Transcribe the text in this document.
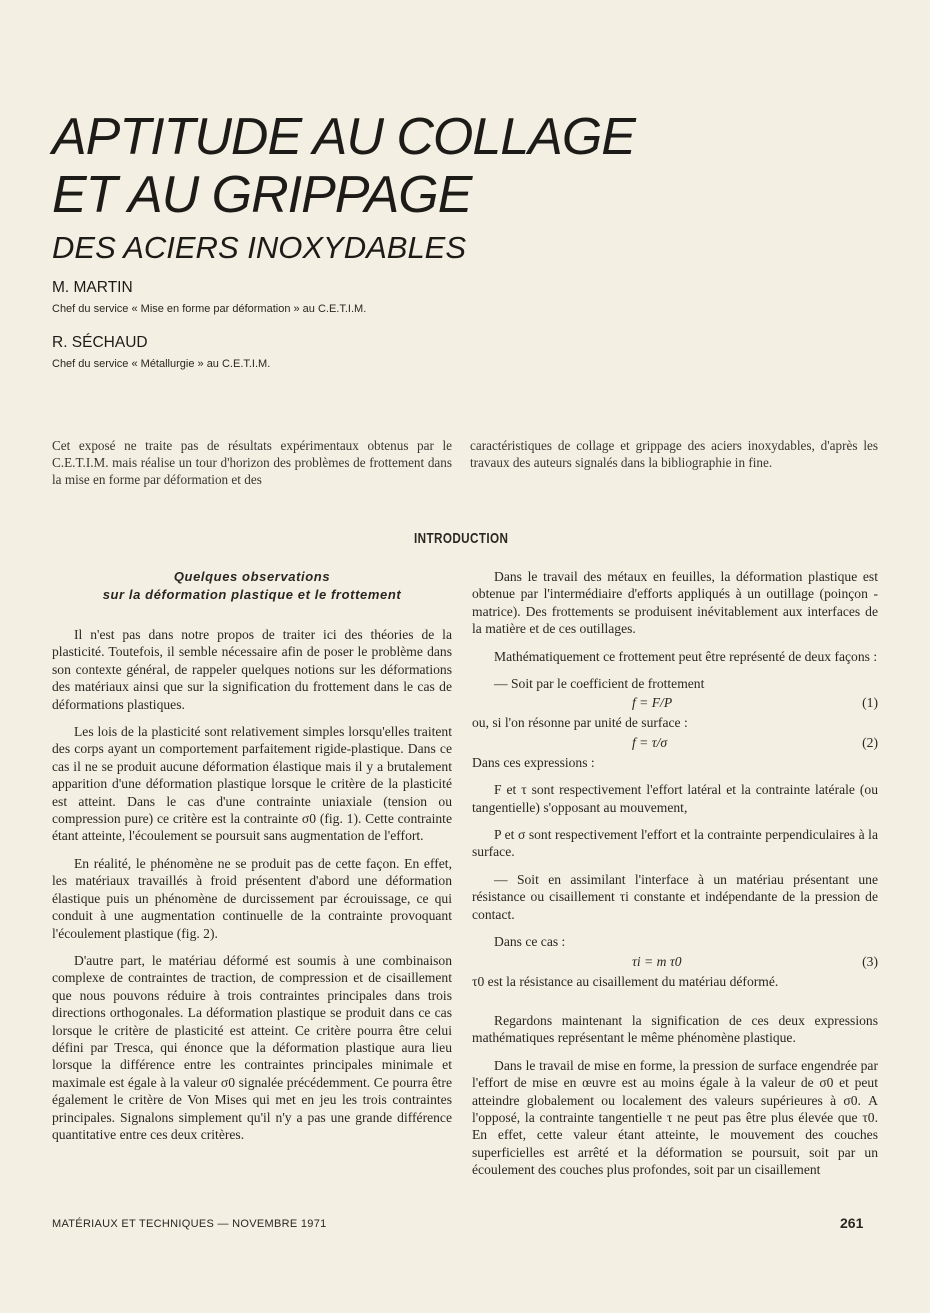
APTITUDE AU COLLAGE
ET AU GRIPPAGE
DES ACIERS INOXYDABLES
M. MARTIN
Chef du service « Mise en forme par déformation » au C.E.T.I.M.
R. SÉCHAUD
Chef du service « Métallurgie » au C.E.T.I.M.

Cet exposé ne traite pas de résultats expérimentaux obtenus par le C.E.T.I.M. mais réalise un tour d'horizon des problèmes de frottement dans la mise en forme par déformation et des

caractéristiques de collage et grippage des aciers inoxydables, d'après les travaux des auteurs signalés dans la bibliographie in fine.

INTRODUCTION
Quelques observations
sur la déformation plastique et le frottement

Il n'est pas dans notre propos de traiter ici des théories de la plasticité. Toutefois, il semble nécessaire afin de poser le problème dans son contexte général, de rappeler quelques notions sur les déformations des matériaux ainsi que sur la signification du frottement dans le cas de déformations plastiques.

Les lois de la plasticité sont relativement simples lorsqu'elles traitent des corps ayant un comportement parfaitement rigide-plastique. Dans ce cas il ne se produit aucune déformation élastique mais il y a brutalement apparition d'une déformation plastique lorsque le critère de la plasticité est atteint. Dans le cas d'une contrainte uniaxiale (tension ou compression pure) ce critère est la contrainte σ0 (fig. 1). Cette contrainte étant atteinte, l'écoulement se poursuit sans augmentation de l'effort.

En réalité, le phénomène ne se produit pas de cette façon. En effet, les matériaux travaillés à froid présentent d'abord une déformation élastique puis un phénomène de durcissement par écrouissage, ce qui conduit à une augmentation continuelle de la contrainte provoquant l'écoulement plastique (fig. 2).

D'autre part, le matériau déformé est soumis à une combinaison complexe de contraintes de traction, de compression et de cisaillement que nous pouvons réduire à trois contraintes principales dans trois directions orthogonales. La déformation plastique se produit dans ce cas lorsque le critère de plasticité est atteint. Ce critère pourra être celui défini par Tresca, qui énonce que la déformation plastique aura lieu lorsque la différence entre les contraintes principales minimale et maximale est égale à la valeur σ0 signalée précédemment. Ce pourra être également le critère de Von Mises qui met en jeu les trois contraintes principales. Signalons simplement qu'il n'y a pas une grande différence quantitative entre ces deux critères.

Dans le travail des métaux en feuilles, la déformation plastique est obtenue par l'intermédiaire d'efforts appliqués à un outillage (poinçon - matrice). Des frottements se produisent inévitablement aux interfaces de la matière et de ces outillages.

Mathématiquement ce frottement peut être représenté de deux façons :

— Soit par le coefficient de frottement

f = F/P	(1)

ou, si l'on résonne par unité de surface :

f = τ/σ	(2)

Dans ces expressions :

F et τ sont respectivement l'effort latéral et la contrainte latérale (ou tangentielle) s'opposant au mouvement,

P et σ sont respectivement l'effort et la contrainte perpendiculaires à la surface.

— Soit en assimilant l'interface à un matériau présentant une résistance ou cisaillement τi constante et indépendante de la pression de contact.

Dans ce cas :

τi = m τ0	(3)

τ0 est la résistance au cisaillement du matériau déformé.

Regardons maintenant la signification de ces deux expressions mathématiques représentant le même phénomène plastique.

Dans le travail de mise en forme, la pression de surface engendrée par l'effort de mise en œuvre est au moins égale à la valeur de σ0 et peut atteindre globalement ou localement des valeurs supérieures à σ0. A l'opposé, la contrainte tangentielle τ ne peut pas être plus élevée que τ0. En effet, cette valeur étant atteinte, le mouvement des couches superficielles est arrêté et la déformation se poursuit, soit par un écoulement des couches plus profondes, soit par un cisaillement

MATÉRIAUX ET TECHNIQUES — NOVEMBRE 1971	261
